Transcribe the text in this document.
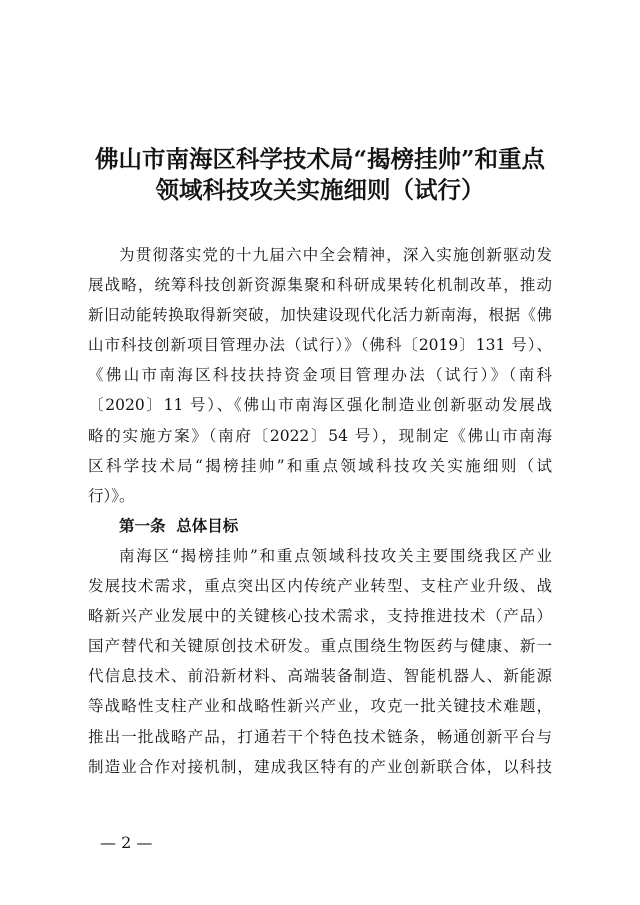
佛山市南海区科学技术局“揭榜挂帅”和重点
领域科技攻关实施细则（试行）
为贯彻落实党的十九届六中全会精神，深入实施创新驱动发
展战略，统筹科技创新资源集聚和科研成果转化机制改革，推动
新旧动能转换取得新突破，加快建设现代化活力新南海，根据《佛
山市科技创新项目管理办法（试行）》（佛科〔2019〕131 号）、
《佛山市南海区科技扶持资金项目管理办法（试行）》（南科
〔2020〕11 号）、《佛山市南海区强化制造业创新驱动发展战
略的实施方案》（南府〔2022〕54 号），现制定《佛山市南海
区科学技术局“揭榜挂帅”和重点领域科技攻关实施细则（试
行）》。
第一条  总体目标
南海区“揭榜挂帅”和重点领域科技攻关主要围绕我区产业
发展技术需求，重点突出区内传统产业转型、支柱产业升级、战
略新兴产业发展中的关键核心技术需求，支持推进技术（产品）
国产替代和关键原创技术研发。重点围绕生物医药与健康、新一
代信息技术、前沿新材料、高端装备制造、智能机器人、新能源
等战略性支柱产业和战略性新兴产业，攻克一批关键技术难题，
推出一批战略产品，打通若干个特色技术链条，畅通创新平台与
制造业合作对接机制，建成我区特有的产业创新联合体，以科技
— 2 —
